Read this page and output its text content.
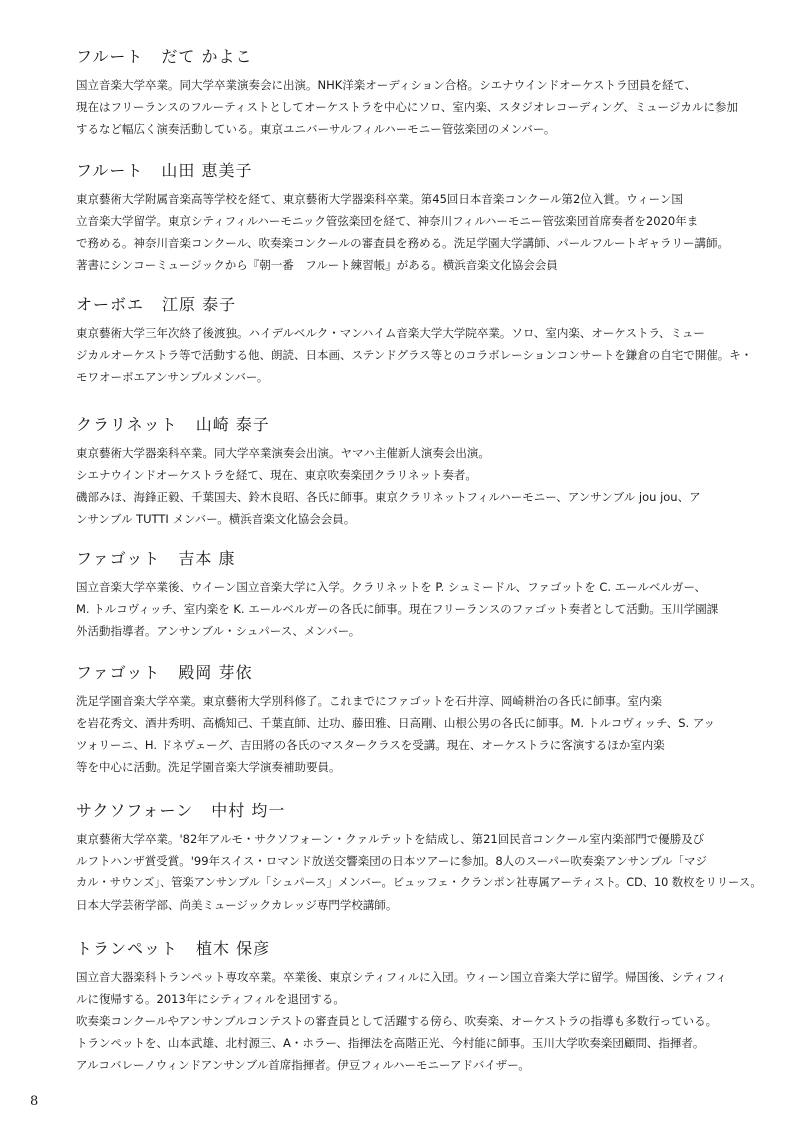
フルート だて かよこ

国立音楽大学卒業。同大学卒業演奏会に出演。NHK洋楽オーディション合格。シエナウインドオーケストラ団員を経て、

現在はフリーランスのフルーティストとしてオーケストラを中心にソロ、室内楽、スタジオレコーディング、ミュージカルに参加

するなど幅広く演奏活動している。東京ユニバーサルフィルハーモニー管弦楽団のメンバー。

フルート 山田 恵美子

東京藝術大学附属音楽高等学校を経て、東京藝術大学器楽科卒業。第45回日本音楽コンクール第2位入賞。ウィーン国

立音楽大学留学。東京シティフィルハーモニック管弦楽団を経て、神奈川フィルハーモニー管弦楽団首席奏者を2020年ま

で務める。神奈川音楽コンクール、吹奏楽コンクールの審査員を務める。洗足学園大学講師、パールフルートギャラリー講師。

著書にシンコーミュージックから『朝一番　フルート練習帳』がある。横浜音楽文化協会会員

オーボエ 江原 泰子

東京藝術大学三年次終了後渡独。ハイデルベルク・マンハイム音楽大学大学院卒業。ソロ、室内楽、オーケストラ、ミュー

ジカルオーケストラ等で活動する他、朗読、日本画、ステンドグラス等とのコラボレーションコンサートを鎌倉の自宅で開催。キ・

モワオーボエアンサンブルメンバー。

クラリネット 山崎 泰子

東京藝術大学器楽科卒業。同大学卒業演奏会出演。ヤマハ主催新人演奏会出演。

シエナウインドオーケストラを経て、現在、東京吹奏楽団クラリネット奏者。

磯部みほ、海鋒正毅、千葉国夫、鈴木良昭、各氏に師事。東京クラリネットフィルハーモニー、アンサンブル jou jou、ア

ンサンブル TUTTI メンバー。横浜音楽文化協会会員。

ファゴット 吉本 康

国立音楽大学卒業後、ウイーン国立音楽大学に入学。クラリネットを P. シュミードル、ファゴットを C. エールベルガー、

M. トルコヴィッチ、室内楽を K. エールベルガーの各氏に師事。現在フリーランスのファゴット奏者として活動。玉川学園課

外活動指導者。アンサンブル・シュパース、メンバー。

ファゴット 殿岡 芽依

洗足学園音楽大学卒業。東京藝術大学別科修了。これまでにファゴットを石井淳、岡崎耕治の各氏に師事。室内楽

を岩花秀文、酒井秀明、高橋知己、千葉直師、辻功、藤田雅、日高剛、山根公男の各氏に師事。M. トルコヴィッチ、S. アッ

ツォリーニ、H. ドネヴェーグ、吉田將の各氏のマスタークラスを受講。現在、オーケストラに客演するほか室内楽

等を中心に活動。洗足学園音楽大学演奏補助要員。

サクソフォーン 中村 均一

東京藝術大学卒業。'82年アルモ・サクソフォーン・クァルテットを結成し、第21回民音コンクール室内楽部門で優勝及び

ルフトハンザ賞受賞。'99年スイス・ロマンド放送交響楽団の日本ツアーに参加。8人のスーパー吹奏楽アンサンブル「マジ

カル・サウンズ」、管楽アンサンブル「シュパース」メンバー。ビュッフェ・クランポン社専属アーティスト。CD、10 数枚をリリース。

日本大学芸術学部、尚美ミュージックカレッジ専門学校講師。

トランペット 植木 保彦

国立音大器楽科トランペット専攻卒業。卒業後、東京シティフィルに入団。ウィーン国立音楽大学に留学。帰国後、シティフィ

ルに復帰する。2013年にシティフィルを退団する。

吹奏楽コンクールやアンサンブルコンテストの審査員として活躍する傍ら、吹奏楽、オーケストラの指導も多数行っている。

トランペットを、山本武雄、北村源三、A・ホラー、指揮法を高階正光、今村能に師事。玉川大学吹奏楽団顧問、指揮者。

アルコバレーノウィンドアンサンブル首席指揮者。伊豆フィルハーモニーアドバイザー。

8
